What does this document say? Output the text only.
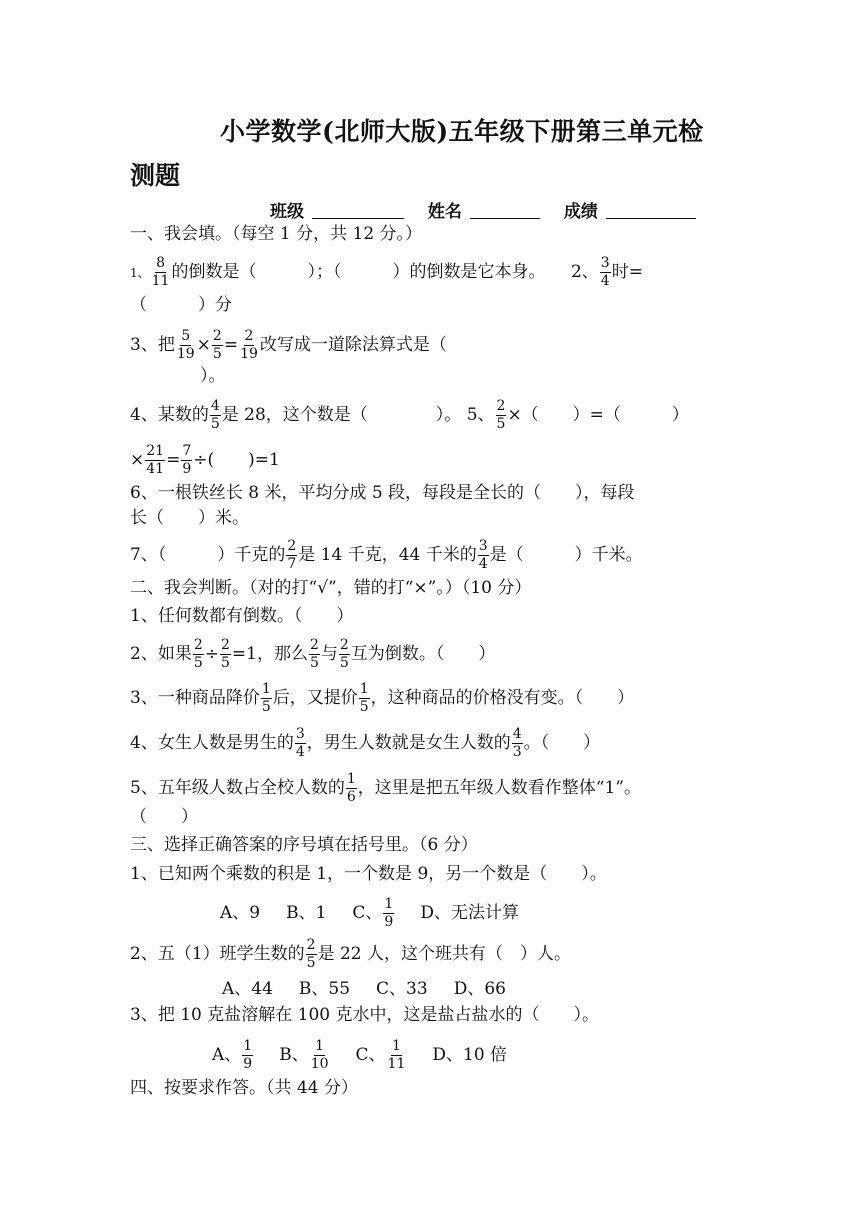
小学数学(北师大版)五年级下册第三单元检
测题
班级	姓名	成绩
一、我会填。（每空 1 分，共 12 分。）
1、 $\frac{8}{11}$ 的倒数是（　　　）；（　　　）的倒数是它本身。　　2、 $\frac{3}{4}$ 时=
（　　　）分
3、把 $\frac{5}{19} \times \frac{2}{5} = \frac{2}{19}$ 改写成一道除法算式是（
）。
4、某数的 $\frac{4}{5}$ 是 28，这个数是（　　　　）。 5、 $\frac{2}{5}$ ×（　　）=（　　　）
× $\frac{21}{41} = \frac{7}{9}$ ÷(　　)=1
6、一根铁丝长 8 米，平均分成 5 段，每段是全长的（　　），每段
长（　　）米。
7、（　　　）千克的 $\frac{2}{7}$ 是 14 千克，44 千米的 $\frac{3}{4}$ 是（　　　）千米。
二、我会判断。（对的打“√”，错的打“×”。）（10 分）
1、任何数都有倒数。（　　）
2、如果 $\frac{2}{5} \div \frac{2}{5} =1$，那么 $\frac{2}{5}$ 与 $\frac{2}{5}$ 互为倒数。（　　）
3、一种商品降价 $\frac{1}{5}$ 后，又提价 $\frac{1}{5}$ ，这种商品的价格没有变。（　　）
4、女生人数是男生的 $\frac{3}{4}$ ，男生人数就是女生人数的 $\frac{4}{3}$ 。（　　）
5、五年级人数占全校人数的 $\frac{1}{6}$ ，这里是把五年级人数看作整体“1”。
（　　）
三、选择正确答案的序号填在括号里。（6 分）
1、已知两个乘数的积是 1，一个数是 9，另一个数是（　　）。
A、9 B、1 C、 $\frac{1}{9}$ D、无法计算
2、五（1）班学生数的 $\frac{2}{5}$ 是 22 人，这个班共有（　）人。
A、44 B、55 C、33 D、66
3、把 10 克盐溶解在 100 克水中，这是盐占盐水的（　　）。
A、 $\frac{1}{9}$ B、 $\frac{1}{10}$ C、 $\frac{1}{11}$ D、10 倍
四、按要求作答。（共 44 分）
